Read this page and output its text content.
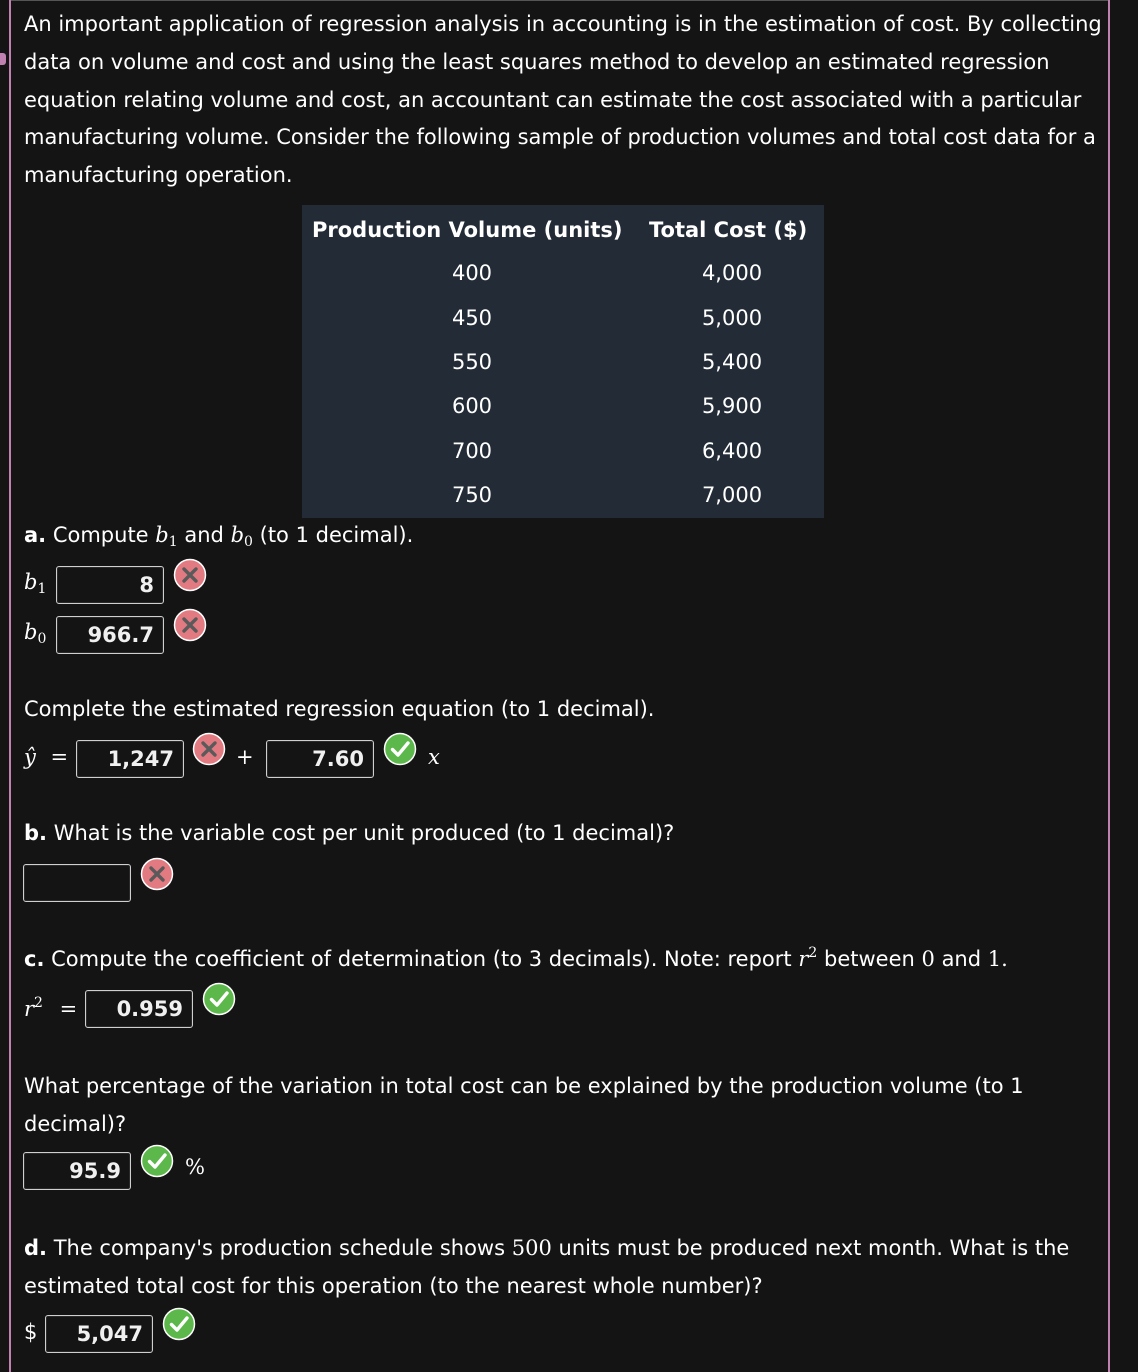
An important application of regression analysis in accounting is in the estimation of cost. By collecting data on volume and cost and using the least squares method to develop an estimated regression equation relating volume and cost, an accountant can estimate the cost associated with a particular manufacturing volume. Consider the following sample of production volumes and total cost data for a manufacturing operation.

Production Volume (units) Total Cost ($)
400	4,000
450	5,000
550	5,400
600	5,900
700	6,400
750	7,000
a. Compute $b_1$ and $b_0$ (to 1 decimal).
$b_1$	8
$b_0$	966.7
Complete the estimated regression equation (to 1 decimal).
ŷ =	1,247	+	7.60	x
b. What is the variable cost per unit produced (to 1 decimal)?
c. Compute the coefficient of determination (to 3 decimals). Note: report $r^2$ between 0 and 1.
$r^2$ =	0.959
What percentage of the variation in total cost can be explained by the production volume (to 1 decimal)?
95.9	%
d. The company's production schedule shows 500 units must be produced next month. What is the estimated total cost for this operation (to the nearest whole number)?
$	5,047
